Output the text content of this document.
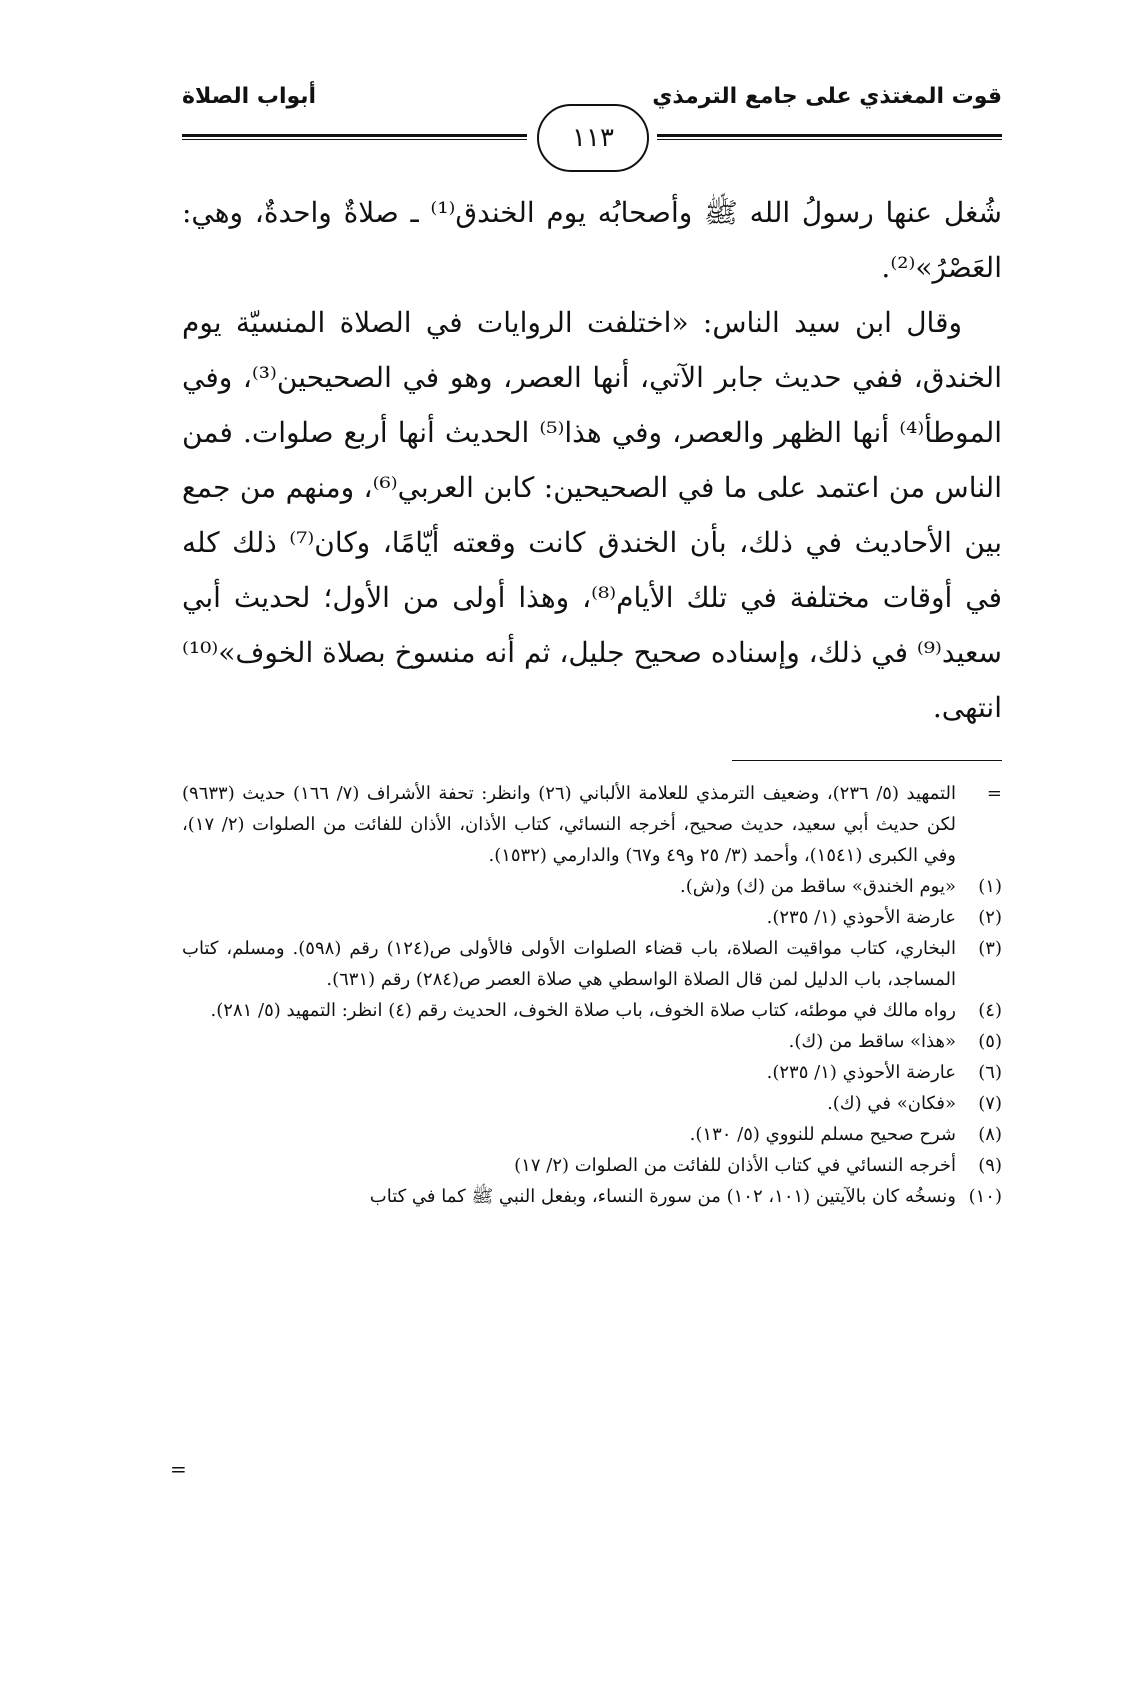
قوت المغتذي على جامع الترمذي
أبواب الصلاة
١١٣

شُغل عنها رسولُ الله ﷺ وأصحابُه يوم الخندق⁽¹⁾ ـ صلاةٌ واحدةٌ، وهي: العَصْرُ»⁽²⁾.

وقال ابن سيد الناس: «اختلفت الروايات في الصلاة المنسيّة يوم الخندق، ففي حديث جابر الآتي، أنها العصر، وهو في الصحيحين⁽³⁾، وفي الموطأ⁽⁴⁾ أنها الظهر والعصر، وفي هذا⁽⁵⁾ الحديث أنها أربع صلوات. فمن الناس من اعتمد على ما في الصحيحين: كابن العربي⁽⁶⁾، ومنهم من جمع بين الأحاديث في ذلك، بأن الخندق كانت وقعته أيّامًا، وكان⁽⁷⁾ ذلك كله في أوقات مختلفة في تلك الأيام⁽⁸⁾، وهذا أولى من الأول؛ لحديث أبي سعيد⁽⁹⁾ في ذلك، وإسناده صحيح جليل، ثم أنه منسوخ بصلاة الخوف»⁽¹⁰⁾ انتهى.

=
التمهيد (٥/ ٢٣٦)، وضعيف الترمذي للعلامة الألباني (٢٦) وانظر: تحفة الأشراف (٧/ ١٦٦) حديث (٩٦٣٣) لكن حديث أبي سعيد، حديث صحيح، أخرجه النسائي، كتاب الأذان، الأذان للفائت من الصلوات (٢/ ١٧)، وفي الكبرى (١٥٤١)، وأحمد (٣/ ٢٥ و٤٩ و٦٧) والدارمي (١٥٣٢).
(١)
«يوم الخندق» ساقط من (ك) و(ش).
(٢)
عارضة الأحوذي (١/ ٢٣٥).
(٣)
البخاري، كتاب مواقيت الصلاة، باب قضاء الصلوات الأولى فالأولى ص(١٢٤) رقم (٥٩٨). ومسلم، كتاب المساجد، باب الدليل لمن قال الصلاة الواسطي هي صلاة العصر ص(٢٨٤) رقم (٦٣١).
(٤)
رواه مالك في موطئه، كتاب صلاة الخوف، باب صلاة الخوف، الحديث رقم (٤) انظر: التمهيد (٥/ ٢٨١).
(٥)
«هذا» ساقط من (ك).
(٦)
عارضة الأحوذي (١/ ٢٣٥).
(٧)
«فكان» في (ك).
(٨)
شرح صحيح مسلم للنووي (٥/ ١٣٠).
(٩)
أخرجه النسائي في كتاب الأذان للفائت من الصلوات (٢/ ١٧)
(١٠)
ونسخُه كان بالآيتين (١٠١، ١٠٢) من سورة النساء، وبفعل النبي ﷺ كما في كتاب
=
